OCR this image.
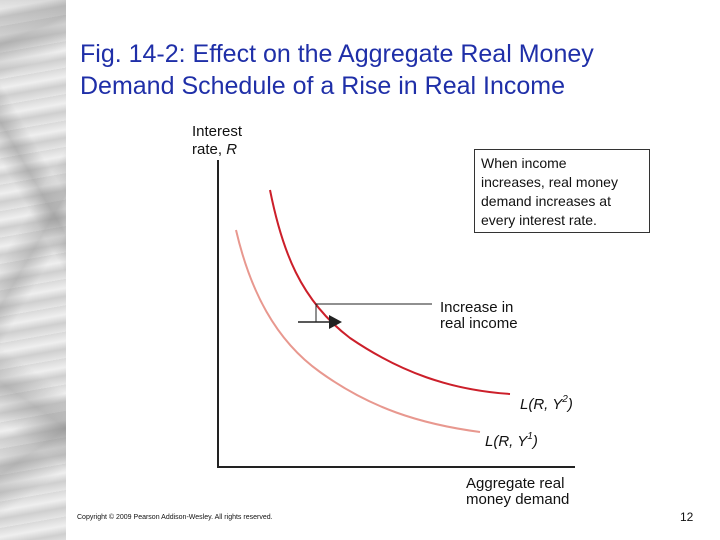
Fig. 14-2: Effect on the Aggregate Real Money
Demand Schedule of a Rise in Real Income
Interest
rate, R
Aggregate real
money demand
Increase in
real income
L(R, $Y^2$)
L(R, $Y^1$)
When income
increases, real money
demand increases at
every interest rate.
Copyright © 2009 Pearson Addison-Wesley. All rights reserved.	12
